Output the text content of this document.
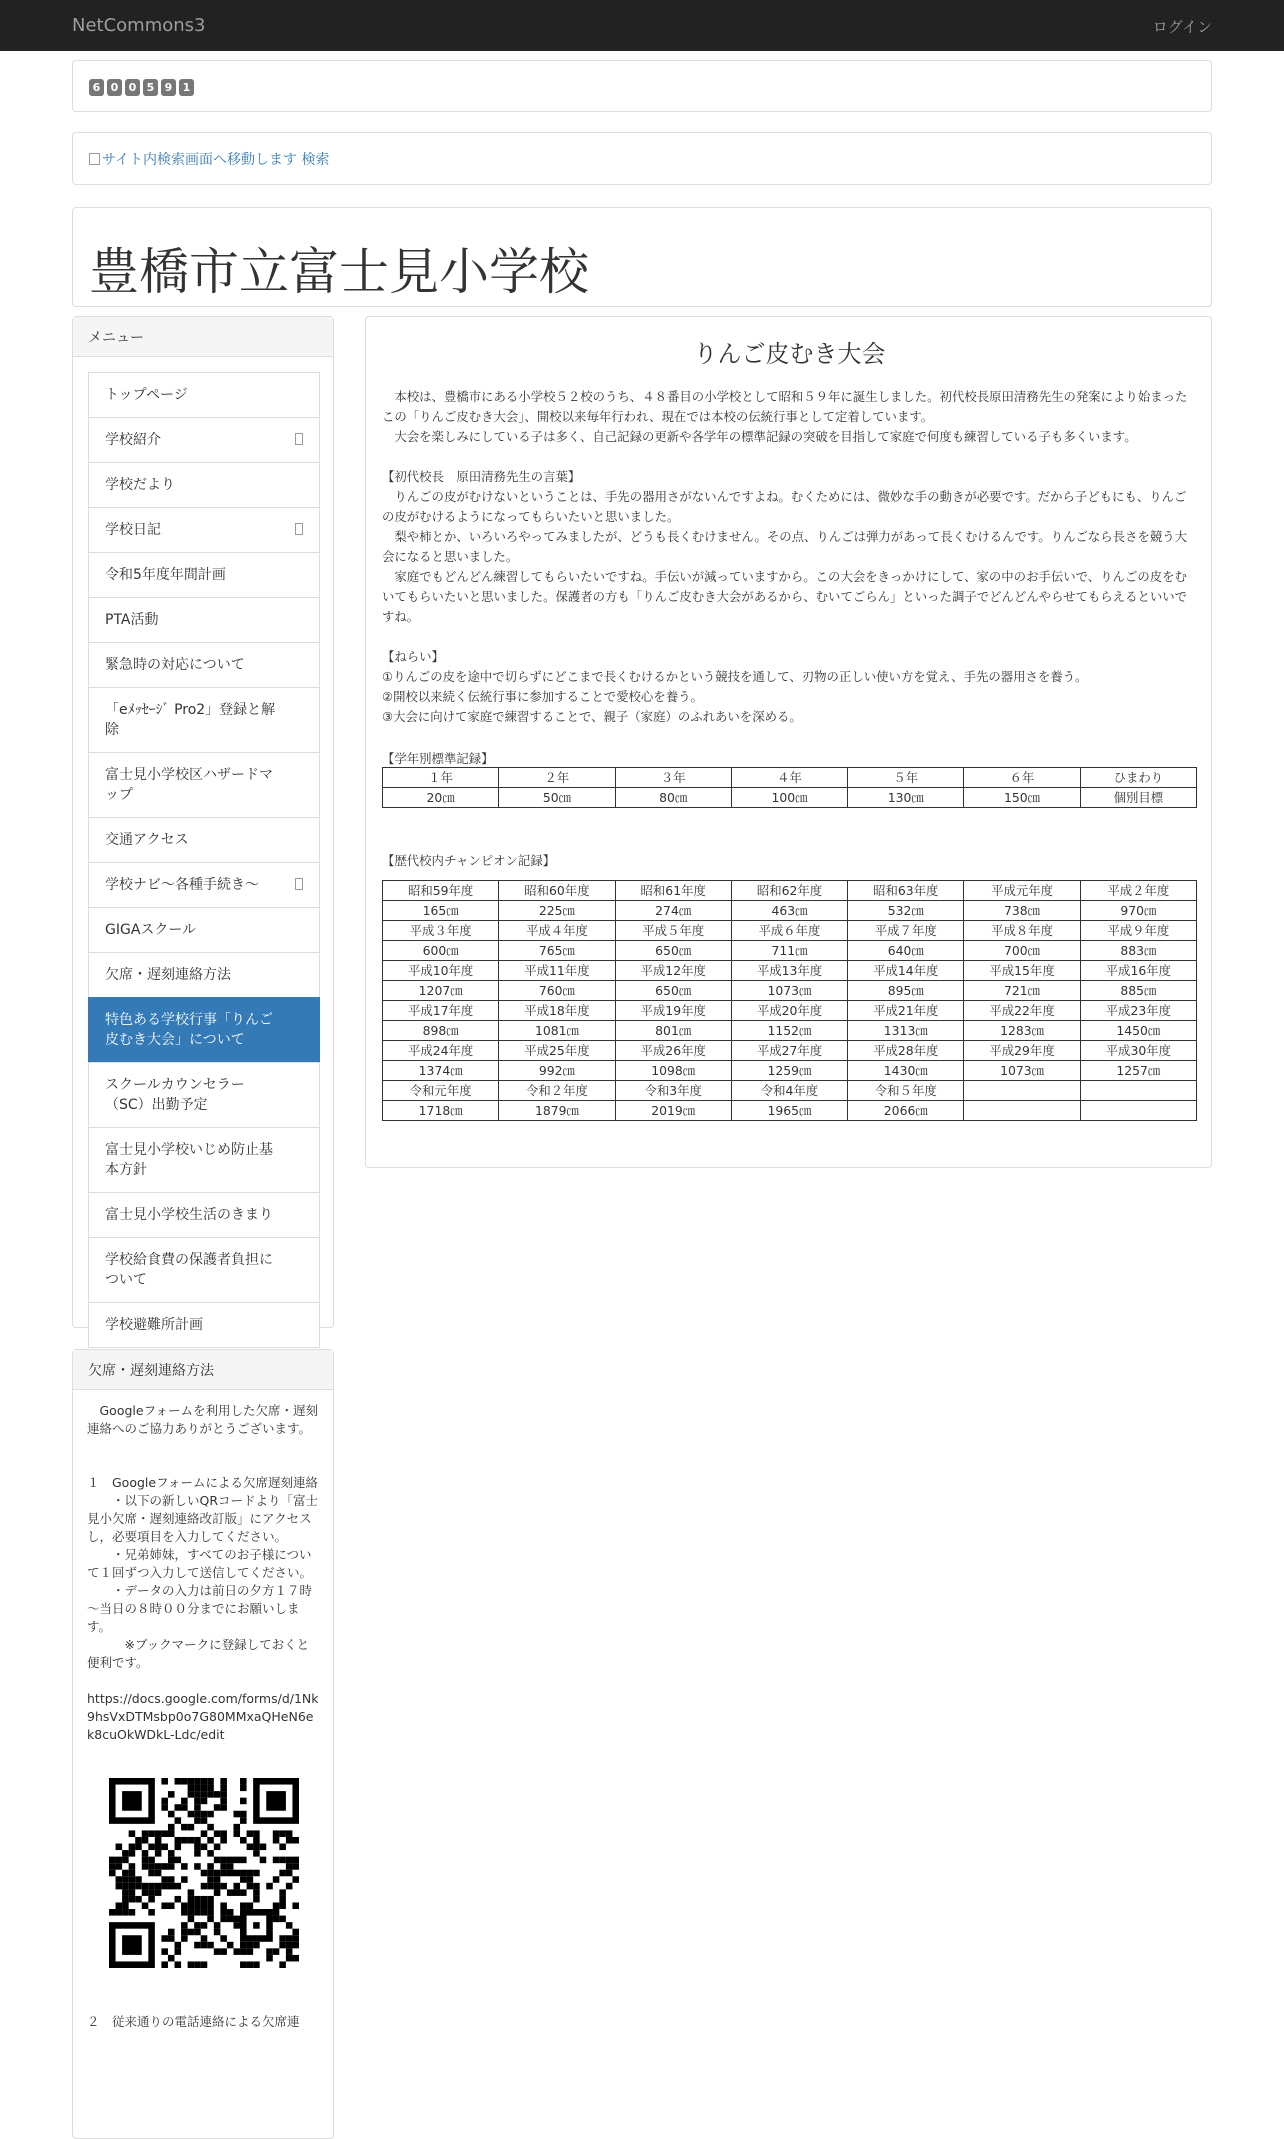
NetCommons3	ログイン
6 0 0 5 9 1
サイト内検索画面へ移動します 検索
豊橋市立富士見小学校
メニュー
トップページ
学校紹介
学校だより
学校日記
令和5年度年間計画
PTA活動
緊急時の対応について
「eﾒｯｾｰｼﾞ Pro2」登録と解除
富士見小学校区ハザードマップ
交通アクセス
学校ナビ～各種手続き～
GIGAスクール
欠席・遅刻連絡方法
特色ある学校行事「りんご皮むき大会」について
スクールカウンセラー（SC）出勤予定
富士見小学校いじめ防止基本方針
富士見小学校生活のきまり
学校給食費の保護者負担について
学校避難所計画
欠席・遅刻連絡方法

　Googleフォームを利用した欠席・遅刻連絡へのご協力ありがとうございます。

１　Googleフォームによる欠席遅刻連絡

　　・以下の新しいQRコードより「富士見小欠席・遅刻連絡改訂版」にアクセスし，必要項目を入力してください。

　　・兄弟姉妹，すべてのお子様について１回ずつ入力して送信してください。

　　・データの入力は前日の夕方１７時～当日の８時００分までにお願いします。

　　　※ブックマークに登録しておくと便利です。

https://docs.google.com/forms/d/1Nk9hsVxDTMsbp0o7G80MMxaQHeN6ek8cuOkWDkL-Ldc/edit

２　従来通りの電話連絡による欠席連

りんご皮むき大会

　本校は、豊橋市にある小学校５２校のうち、４８番目の小学校として昭和５９年に誕生しました。初代校長原田清務先生の発案により始まったこの「りんご皮むき大会」、開校以来毎年行われ、現在では本校の伝統行事として定着しています。

　大会を楽しみにしている子は多く、自己記録の更新や各学年の標準記録の突破を目指して家庭で何度も練習している子も多くいます。

【初代校長　原田清務先生の言葉】

　りんごの皮がむけないということは、手先の器用さがないんですよね。むくためには、微妙な手の動きが必要です。だから子どもにも、りんごの皮がむけるようになってもらいたいと思いました。

　梨や柿とか、いろいろやってみましたが、どうも長くむけません。その点、りんごは弾力があって長くむけるんです。りんごなら長さを競う大会になると思いました。

　家庭でもどんどん練習してもらいたいですね。手伝いが減っていますから。この大会をきっかけにして、家の中のお手伝いで、りんごの皮をむいてもらいたいと思いました。保護者の方も「りんご皮むき大会があるから、むいてごらん」といった調子でどんどんやらせてもらえるといいですね。

【ねらい】

①りんごの皮を途中で切らずにどこまで長くむけるかという競技を通して、刃物の正しい使い方を覚え、手先の器用さを養う。

②開校以来続く伝統行事に参加することで愛校心を養う。

③大会に向けて家庭で練習することで、親子（家庭）のふれあいを深める。

【学年別標準記録】
１年	２年	３年	４年	５年	６年	ひまわり
20㎝	50㎝	80㎝	100㎝	130㎝	150㎝	個別目標
【歴代校内チャンピオン記録】
昭和59年度	昭和60年度	昭和61年度	昭和62年度	昭和63年度	平成元年度	平成２年度
165㎝	225㎝	274㎝	463㎝	532㎝	738㎝	970㎝
平成３年度	平成４年度	平成５年度	平成６年度	平成７年度	平成８年度	平成９年度
600㎝	765㎝	650㎝	711㎝	640㎝	700㎝	883㎝
平成10年度	平成11年度	平成12年度	平成13年度	平成14年度	平成15年度	平成16年度
1207㎝	760㎝	650㎝	1073㎝	895㎝	721㎝	885㎝
平成17年度	平成18年度	平成19年度	平成20年度	平成21年度	平成22年度	平成23年度
898㎝	1081㎝	801㎝	1152㎝	1313㎝	1283㎝	1450㎝
平成24年度	平成25年度	平成26年度	平成27年度	平成28年度	平成29年度	平成30年度
1374㎝	992㎝	1098㎝	1259㎝	1430㎝	1073㎝	1257㎝
令和元年度	令和２年度	令和3年度	令和4年度	令和５年度		
1718㎝	1879㎝	2019㎝	1965㎝	2066㎝		
